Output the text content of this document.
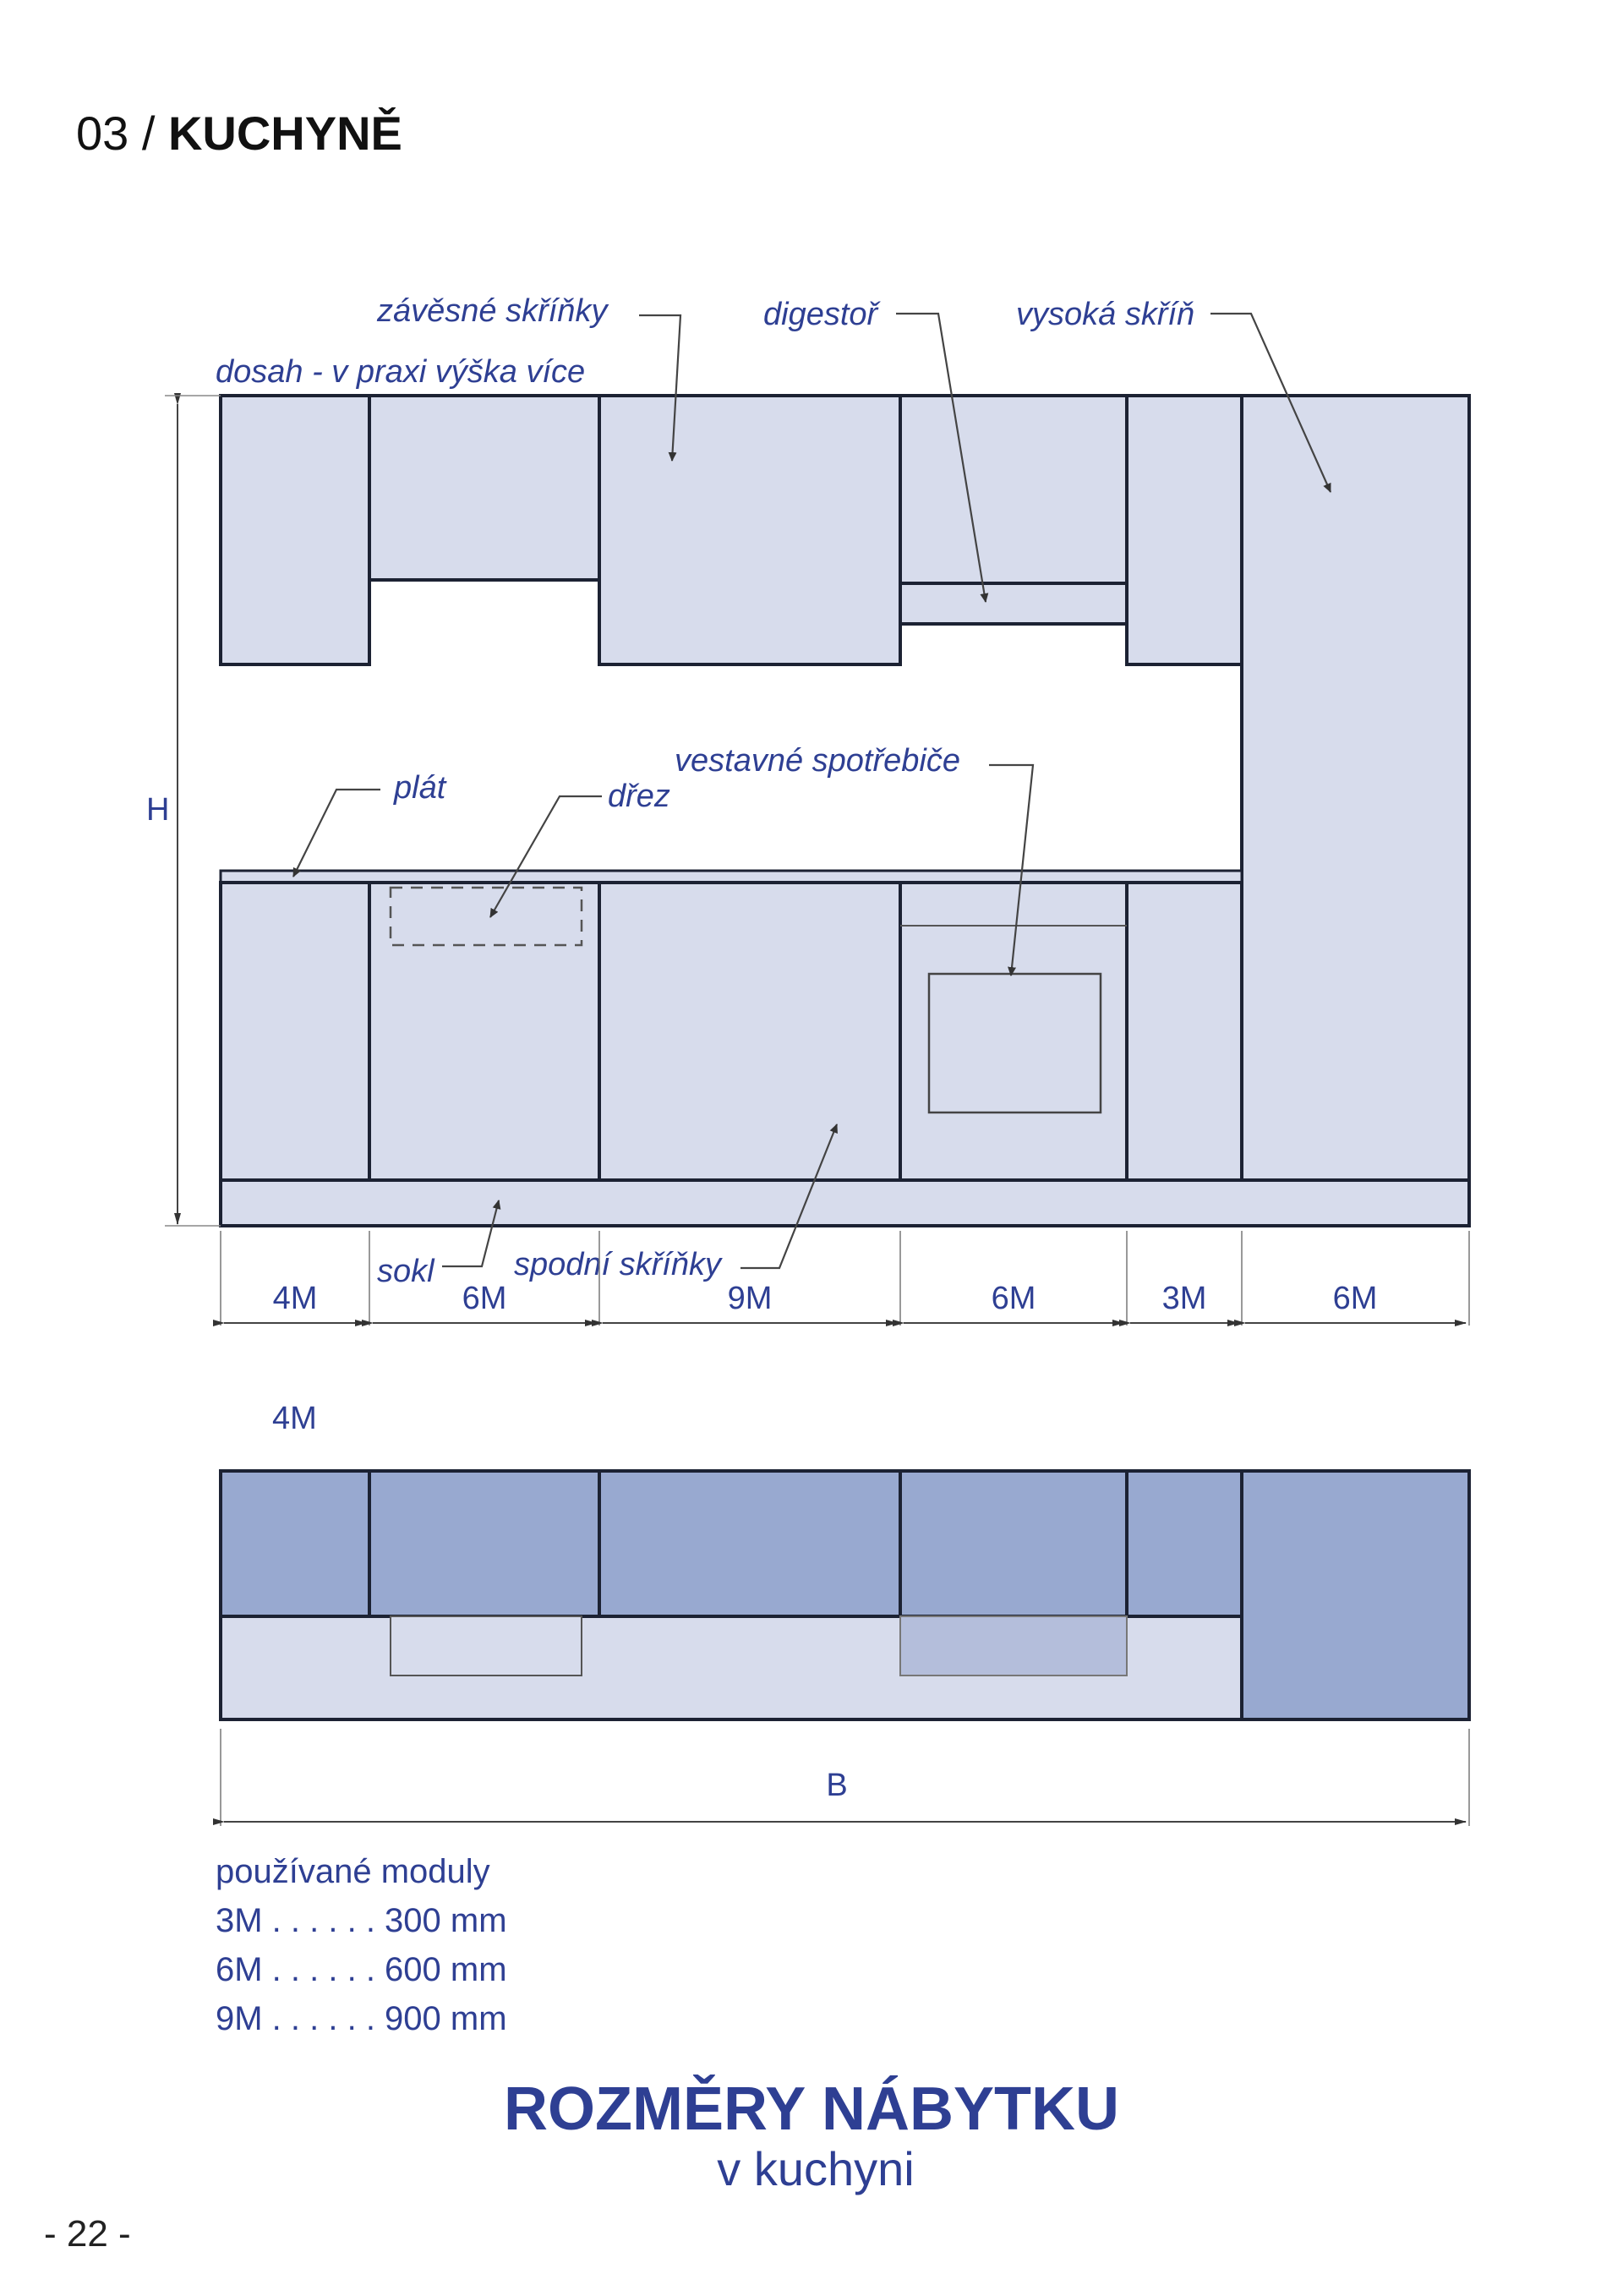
03 / KUCHYNĚ
H
závěsné skříňky	digestoř	vysoká skříň
dosah - v praxi výška více
plát	dřez
vestavné spotřebiče
sokl spodní skříňky
4M	6M	9M	6M	3M	6M
4M
B
používané moduly
3M . . . . . . 300 mm
6M . . . . . . 600 mm
9M . . . . . . 900 mm
ROZMĚRY NÁBYTKU
v kuchyni
- 22 -
